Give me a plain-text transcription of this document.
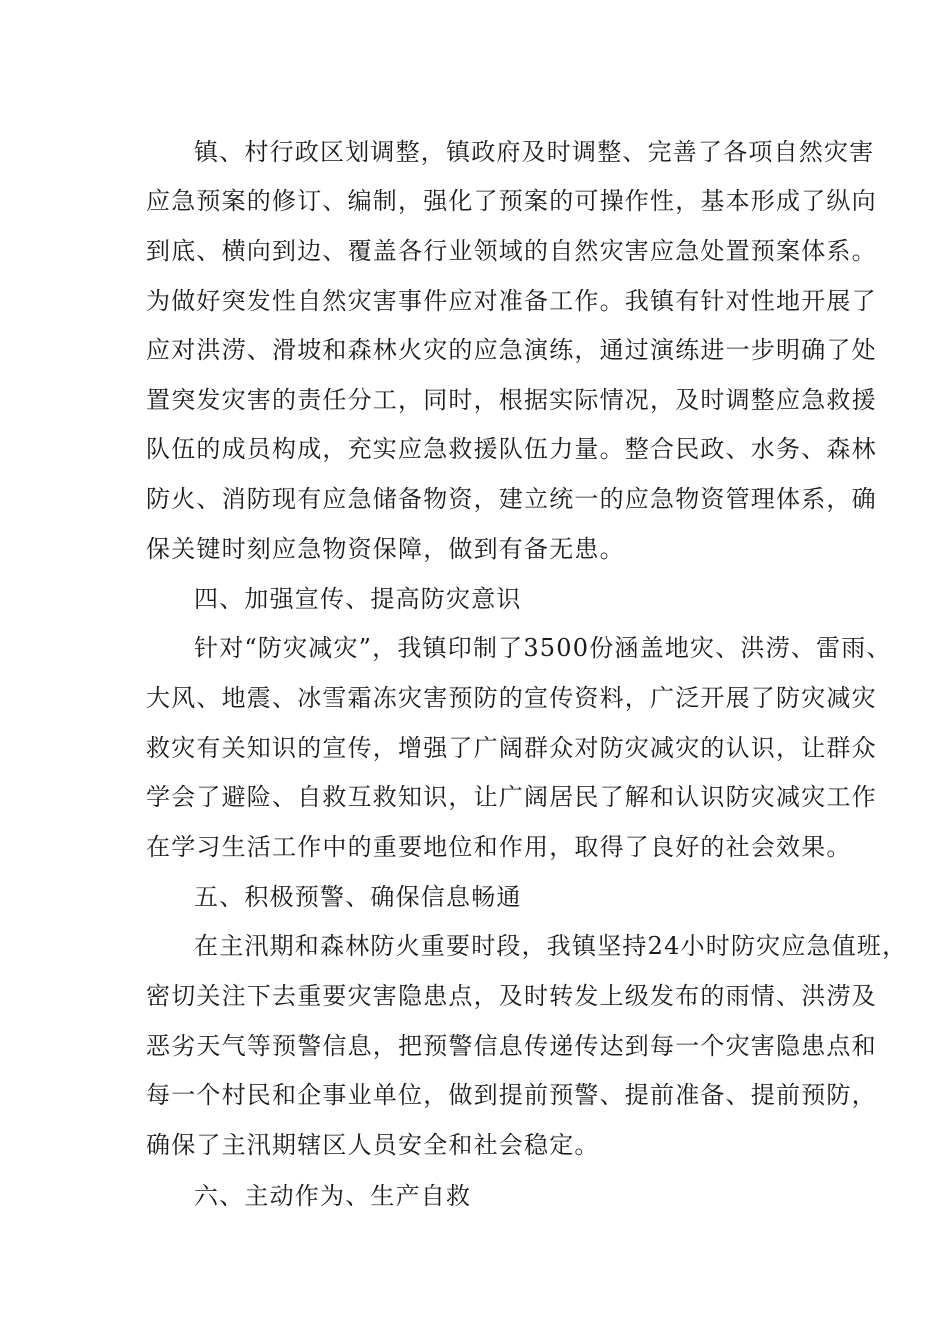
镇、村行政区划调整，镇政府及时调整、完善了各项自然灾害
应急预案的修订、编制，强化了预案的可操作性，基本形成了纵向
到底、横向到边、覆盖各行业领域的自然灾害应急处置预案体系。
为做好突发性自然灾害事件应对准备工作。我镇有针对性地开展了
应对洪涝、滑坡和森林火灾的应急演练，通过演练进一步明确了处
置突发灾害的责任分工，同时，根据实际情况，及时调整应急救援
队伍的成员构成，充实应急救援队伍力量。整合民政、水务、森林
防火、消防现有应急储备物资，建立统一的应急物资管理体系，确
保关键时刻应急物资保障，做到有备无患。
四、加强宣传、提高防灾意识
针对“防灾减灾”，我镇印制了3500份涵盖地灾、洪涝、雷雨、
大风、地震、冰雪霜冻灾害预防的宣传资料，广泛开展了防灾减灾
救灾有关知识的宣传，增强了广阔群众对防灾减灾的认识，让群众
学会了避险、自救互救知识，让广阔居民了解和认识防灾减灾工作
在学习生活工作中的重要地位和作用，取得了良好的社会效果。
五、积极预警、确保信息畅通
在主汛期和森林防火重要时段，我镇坚持24小时防灾应急值班，
密切关注下去重要灾害隐患点，及时转发上级发布的雨情、洪涝及
恶劣天气等预警信息，把预警信息传递传达到每一个灾害隐患点和
每一个村民和企事业单位，做到提前预警、提前准备、提前预防，
确保了主汛期辖区人员安全和社会稳定。
六、主动作为、生产自救
